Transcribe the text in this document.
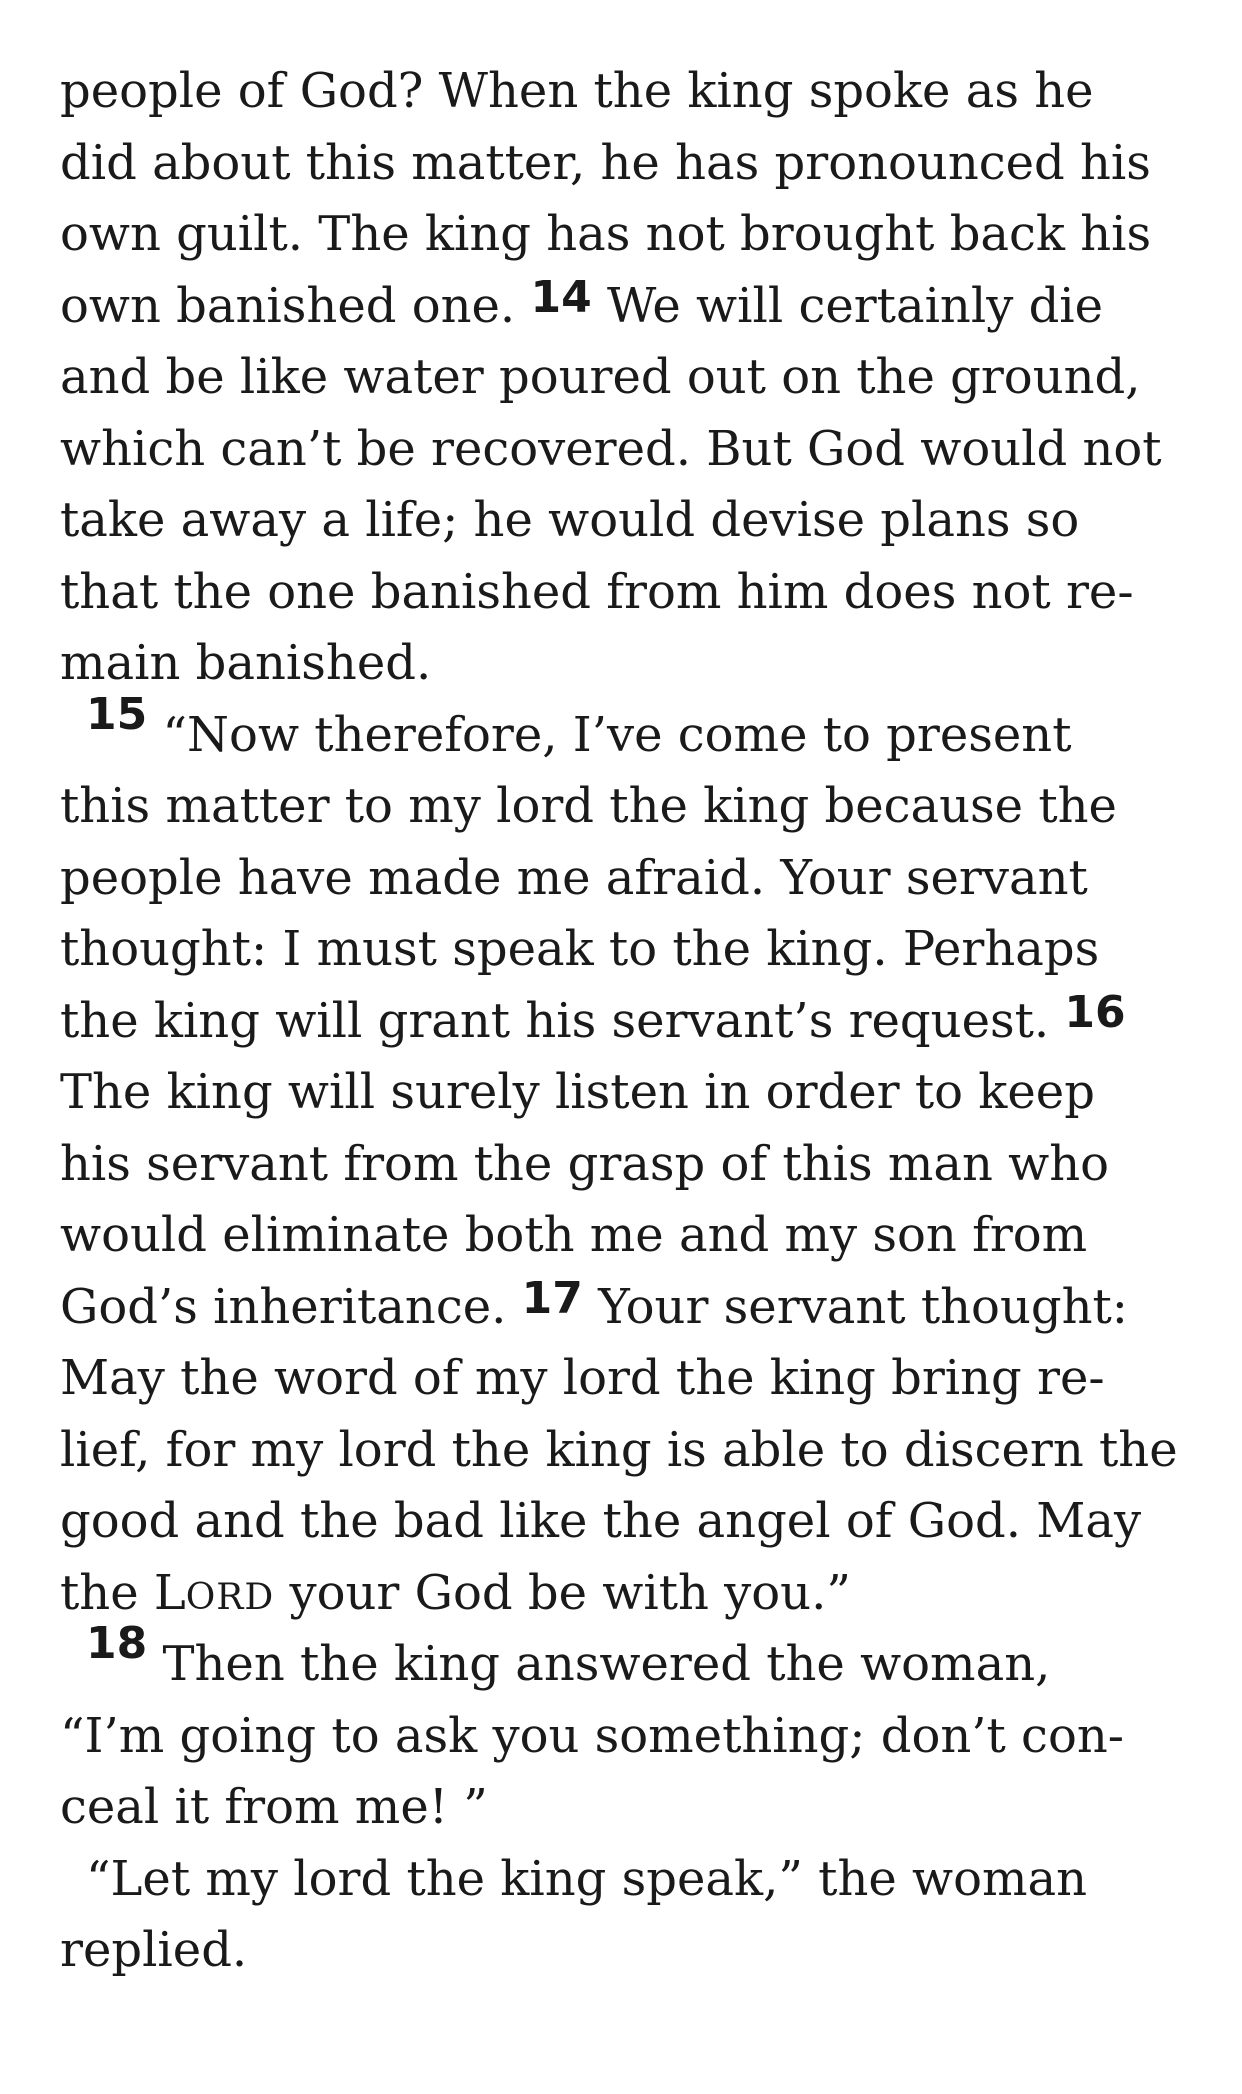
people of God? When the king spoke as he
did about this matter, he has pronounced his
own guilt. The king has not brought back his
own banished one. 14 We will certainly die
and be like water poured out on the ground,
which can’t be recovered. But God would not
take away a life; he would devise plans so
that the one banished from him does not re-
main banished.
15 “Now therefore, I’ve come to present
this matter to my lord the king because the
people have made me afraid. Your servant
thought: I must speak to the king. Perhaps
the king will grant his servant’s request. 16
The king will surely listen in order to keep
his servant from the grasp of this man who
would eliminate both me and my son from
God’s inheritance. 17 Your servant thought:
May the word of my lord the king bring re-
lief, for my lord the king is able to discern the
good and the bad like the angel of God. May
the LORD your God be with you.”
18 Then the king answered the woman,
“I’m going to ask you something; don’t con-
ceal it from me! ”
“Let my lord the king speak,” the woman
replied.
